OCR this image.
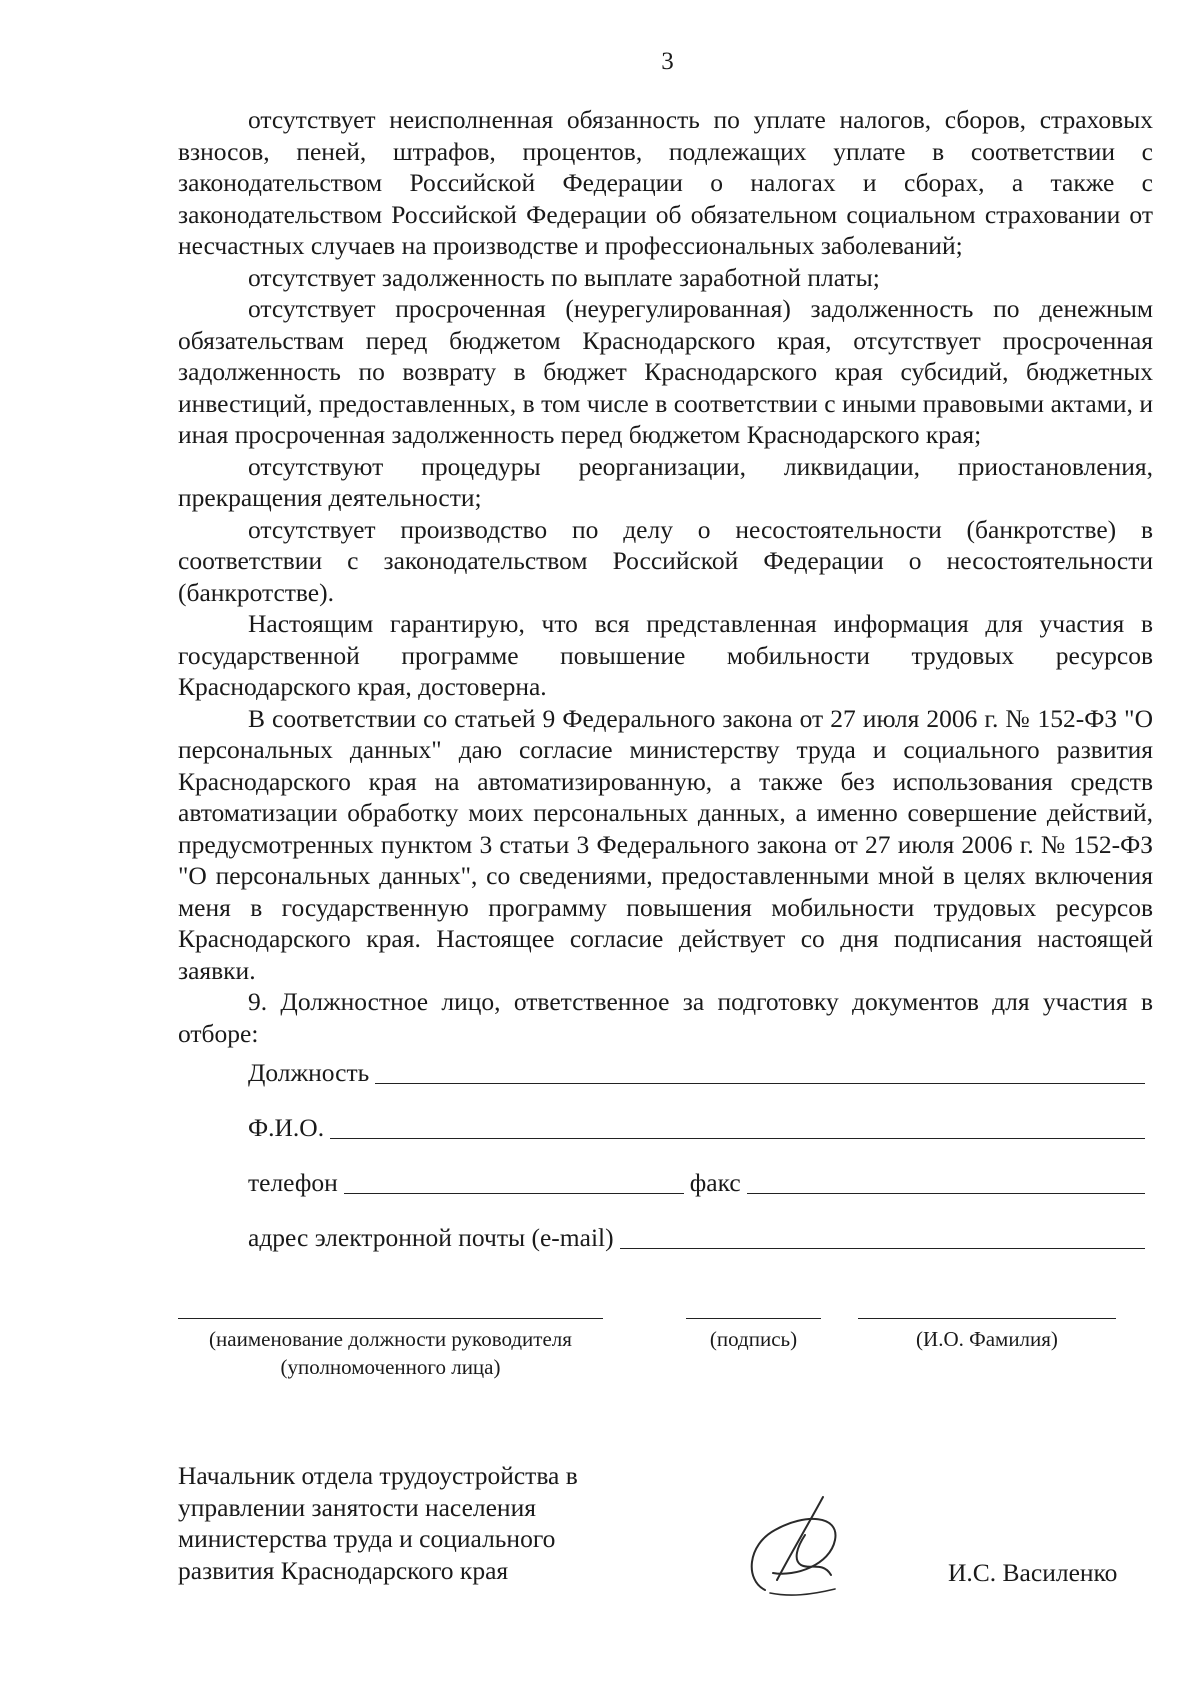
3

отсутствует неисполненная обязанность по уплате налогов, сборов, страховых взносов, пеней, штрафов, процентов, подлежащих уплате в соответствии с законодательством Российской Федерации о налогах и сборах, а также с законодательством Российской Федерации об обязательном социальном страховании от несчастных случаев на производстве и профессиональных заболеваний;

отсутствует задолженность по выплате заработной платы;

отсутствует просроченная (неурегулированная) задолженность по денежным обязательствам перед бюджетом Краснодарского края, отсутствует просроченная задолженность по возврату в бюджет Краснодарского края субсидий, бюджетных инвестиций, предоставленных, в том числе в соответствии с иными правовыми актами, и иная просроченная задолженность перед бюджетом Краснодарского края;

отсутствуют процедуры реорганизации, ликвидации, приостановления, прекращения деятельности;

отсутствует производство по делу о несостоятельности (банкротстве) в соответствии с законодательством Российской Федерации о несостоятельности (банкротстве).

Настоящим гарантирую, что вся представленная информация для участия в государственной программе повышение мобильности трудовых ресурсов Краснодарского края, достоверна.

В соответствии со статьей 9 Федерального закона от 27 июля 2006 г. № 152-ФЗ "О персональных данных" даю согласие министерству труда и социального развития Краснодарского края на автоматизированную, а также без использования средств автоматизации обработку моих персональных данных, а именно совершение действий, предусмотренных пунктом 3 статьи 3 Федерального закона от 27 июля 2006 г. № 152-ФЗ "О персональных данных", со сведениями, предоставленными мной в целях включения меня в государственную программу повышения мобильности трудовых ресурсов Краснодарского края. Настоящее согласие действует со дня подписания настоящей заявки.

9. Должностное лицо, ответственное за подготовку документов для участия в отборе:

Должность
Ф.И.О.
телефон	факс
адрес электронной почты (e-mail)
(наименование должности руководителя (уполномоченного лица)
(подпись)	(И.О. Фамилия)
Начальник отдела трудоустройства в управлении занятости населения министерства труда и социального развития Краснодарского края	И.С. Василенко
